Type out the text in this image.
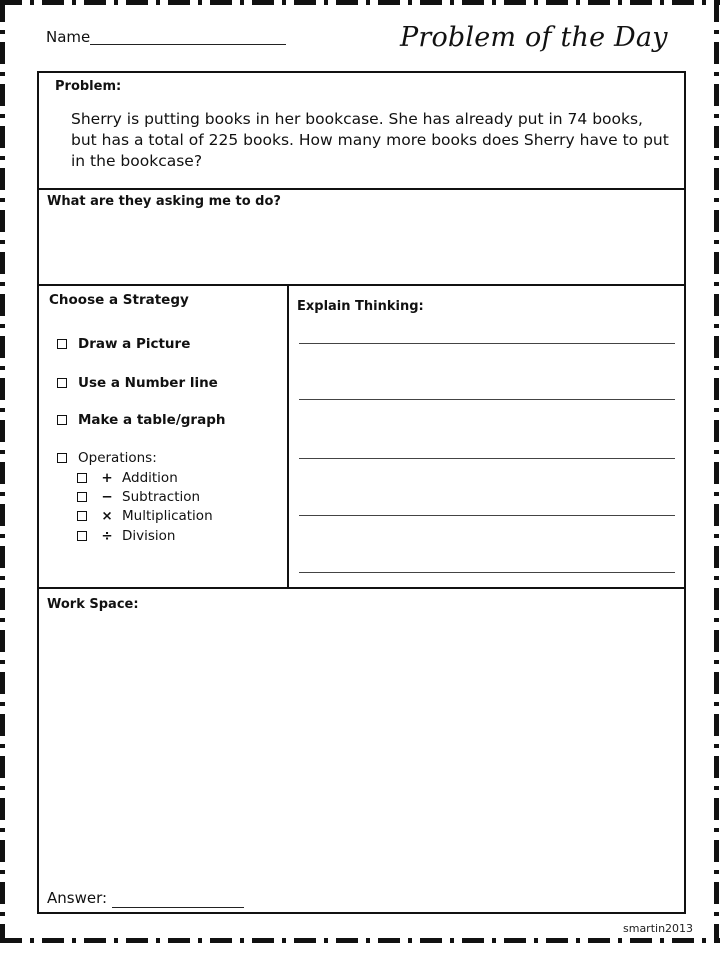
Name	Problem of the Day
Problem:
Sherry is putting books in her bookcase. She has already put in 74 books, but has a total of 225 books. How many more books does Sherry have to put in the bookcase?
What are they asking me to do?
Choose a Strategy
Draw a Picture
Use a Number line
Make a table/graph
Operations:
+ Addition
− Subtraction
× Multiplication
÷ Division
Explain Thinking:
Work Space:
Answer:
smartin2013
